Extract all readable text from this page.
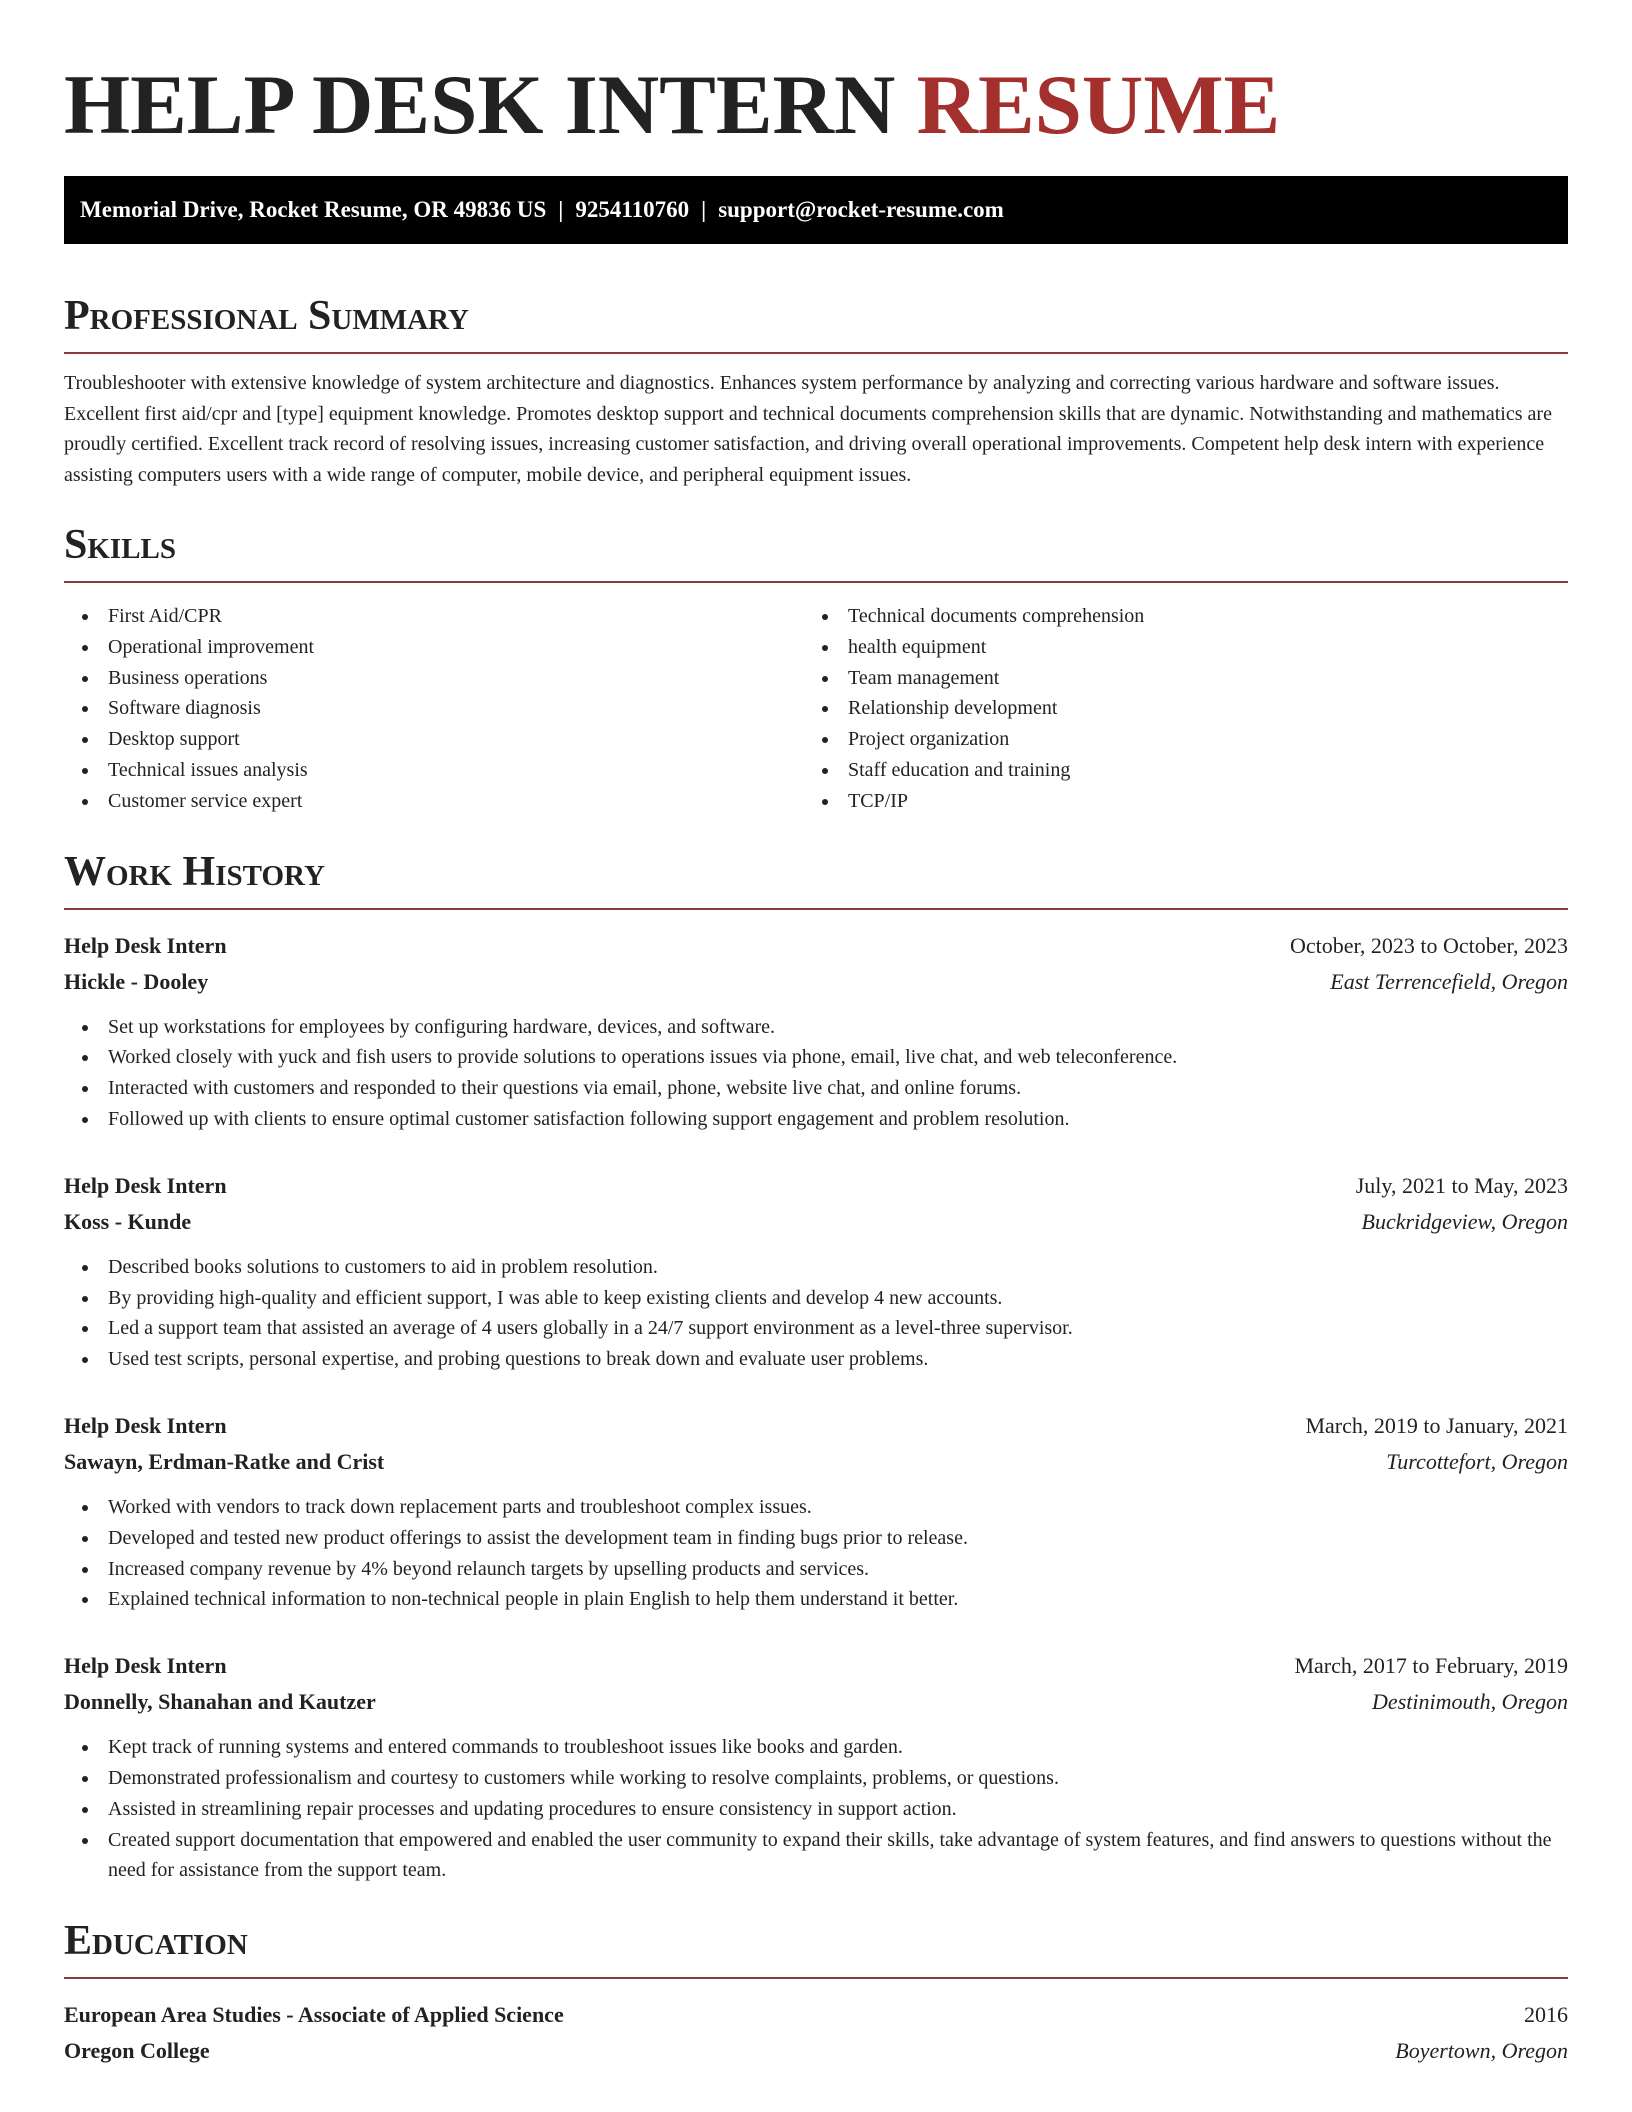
HELP DESK INTERN RESUME
Memorial Drive, Rocket Resume, OR 49836 US | 9254110760 | support@rocket-resume.com
Professional Summary

Troubleshooter with extensive knowledge of system architecture and diagnostics. Enhances system performance by analyzing and correcting various hardware and software issues. Excellent first aid/cpr and [type] equipment knowledge. Promotes desktop support and technical documents comprehension skills that are dynamic. Notwithstanding and mathematics are proudly certified. Excellent track record of resolving issues, increasing customer satisfaction, and driving overall operational improvements. Competent help desk intern with experience assisting computers users with a wide range of computer, mobile device, and peripheral equipment issues.

Skills
First Aid/CPR
Operational improvement
Business operations
Software diagnosis
Desktop support
Technical issues analysis
Customer service expert
Technical documents comprehension
health equipment
Team management
Relationship development
Project organization
Staff education and training
TCP/IP
Work History
Help Desk Intern	October, 2023 to October, 2023
Hickle - Dooley	East Terrencefield, Oregon
Set up workstations for employees by configuring hardware, devices, and software.
Worked closely with yuck and fish users to provide solutions to operations issues via phone, email, live chat, and web teleconference.
Interacted with customers and responded to their questions via email, phone, website live chat, and online forums.
Followed up with clients to ensure optimal customer satisfaction following support engagement and problem resolution.
Help Desk Intern	July, 2021 to May, 2023
Koss - Kunde	Buckridgeview, Oregon
Described books solutions to customers to aid in problem resolution.
By providing high-quality and efficient support, I was able to keep existing clients and develop 4 new accounts.
Led a support team that assisted an average of 4 users globally in a 24/7 support environment as a level-three supervisor.
Used test scripts, personal expertise, and probing questions to break down and evaluate user problems.
Help Desk Intern	March, 2019 to January, 2021
Sawayn, Erdman-Ratke and Crist	Turcottefort, Oregon
Worked with vendors to track down replacement parts and troubleshoot complex issues.
Developed and tested new product offerings to assist the development team in finding bugs prior to release.
Increased company revenue by 4% beyond relaunch targets by upselling products and services.
Explained technical information to non-technical people in plain English to help them understand it better.
Help Desk Intern	March, 2017 to February, 2019
Donnelly, Shanahan and Kautzer	Destinimouth, Oregon
Kept track of running systems and entered commands to troubleshoot issues like books and garden.
Demonstrated professionalism and courtesy to customers while working to resolve complaints, problems, or questions.
Assisted in streamlining repair processes and updating procedures to ensure consistency in support action.
Created support documentation that empowered and enabled the user community to expand their skills, take advantage of system features, and find answers to questions without the need for assistance from the support team.
Education
European Area Studies - Associate of Applied Science	2016
Oregon College	Boyertown, Oregon
